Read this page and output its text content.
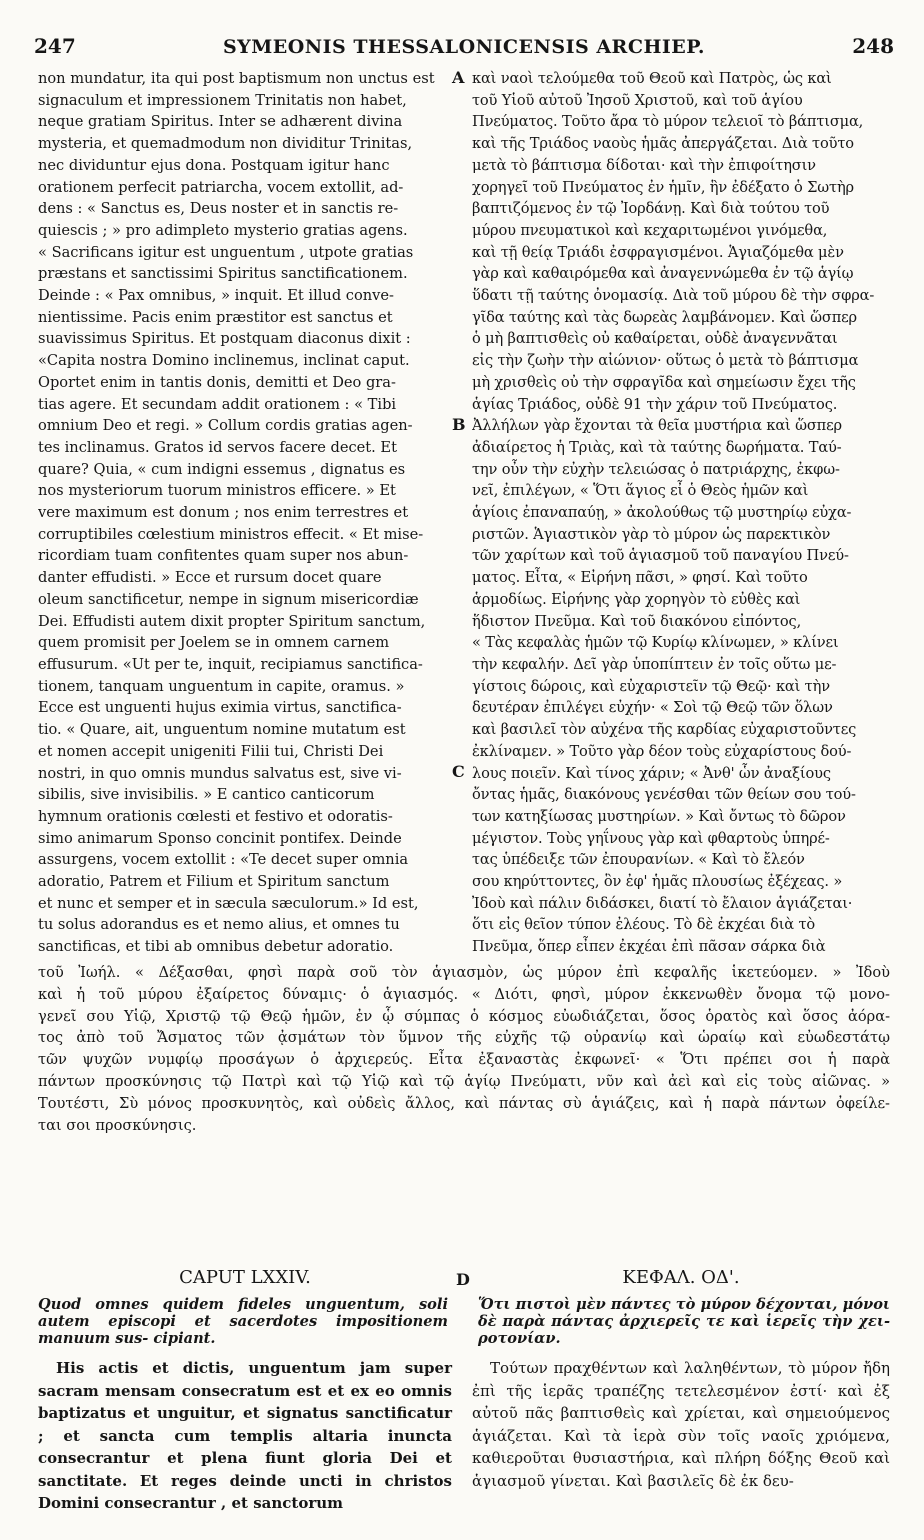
247	SYMEONIS THESSALONICENSIS ARCHIEP.	248
A
B
C
D
non mundatur, ita qui post baptismum non unctus est
signaculum et impressionem Trinitatis non habet,
neque gratiam Spiritus. Inter se adhærent divina
mysteria, et quemadmodum non dividitur Trinitas,
nec dividuntur ejus dona. Postquam igitur hanc
orationem perfecit patriarcha, vocem extollit, ad-
dens : « Sanctus es, Deus noster et in sanctis re-
quiescis ; » pro adimpleto mysterio gratias agens.
« Sacrificans igitur est unguentum , utpote gratias
præstans et sanctissimi Spiritus sanctificationem.
Deinde : « Pax omnibus, » inquit. Et illud conve-
nientissime. Pacis enim præstitor est sanctus et
suavissimus Spiritus. Et postquam diaconus dixit :
«Capita nostra Domino inclinemus, inclinat caput.
Oportet enim in tantis donis, demitti et Deo gra-
tias agere. Et secundam addit orationem : « Tibi
omnium Deo et regi. » Collum cordis gratias agen-
tes inclinamus. Gratos id servos facere decet. Et
quare? Quia, « cum indigni essemus , dignatus es
nos mysteriorum tuorum ministros efficere. » Et
vere maximum est donum ; nos enim terrestres et
corruptibiles cœlestium ministros effecit. « Et mise-
ricordiam tuam confitentes quam super nos abun-
danter effudisti. » Ecce et rursum docet quare
oleum sanctificetur, nempe in signum misericordiæ
Dei. Effudisti autem dixit propter Spiritum sanctum,
quem promisit per Joelem se in omnem carnem
effusurum. «Ut per te, inquit, recipiamus sanctifica-
tionem, tanquam unguentum in capite, oramus. »
Ecce est unguenti hujus eximia virtus, sanctifica-
tio. « Quare, ait, unguentum nomine mutatum est
et nomen accepit unigeniti Filii tui, Christi Dei
nostri, in quo omnis mundus salvatus est, sive vi-
sibilis, sive invisibilis. » E cantico canticorum
hymnum orationis cœlesti et festivo et odoratis-
simo animarum Sponso concinit pontifex. Deinde
assurgens, vocem extollit : «Te decet super omnia
adoratio, Patrem et Filium et Spiritum sanctum
et nunc et semper et in sæcula sæculorum.» Id est,
tu solus adorandus es et nemo alius, et omnes tu
sanctificas, et tibi ab omnibus debetur adoratio.
καὶ ναοὶ τελούμεθα τοῦ Θεοῦ καὶ Πατρὸς, ὡς καὶ
τοῦ Υἱοῦ αὐτοῦ Ἰησοῦ Χριστοῦ, καὶ τοῦ ἁγίου
Πνεύματος. Τοῦτο ἄρα τὸ μύρον τελειοῖ τὸ βάπτισμα,
καὶ τῆς Τριάδος ναοὺς ἡμᾶς ἀπεργάζεται. Διὰ τοῦτο
μετὰ τὸ βάπτισμα δίδοται· καὶ τὴν ἐπιφοίτησιν
χορηγεῖ τοῦ Πνεύματος ἐν ἡμῖν, ἣν ἐδέξατο ὁ Σωτὴρ
βαπτιζόμενος ἐν τῷ Ἰορδάνῃ. Καὶ διὰ τούτου τοῦ
μύρου πνευματικοὶ καὶ κεχαριτωμένοι γινόμεθα,
καὶ τῇ θείᾳ Τριάδι ἐσφραγισμένοι. Ἁγιαζόμεθα μὲν
γὰρ καὶ καθαιρόμεθα καὶ ἀναγεννώμεθα ἐν τῷ ἁγίῳ
ὕδατι τῇ ταύτης ὀνομασίᾳ. Διὰ τοῦ μύρου δὲ τὴν σφρα-
γῖδα ταύτης καὶ τὰς δωρεὰς λαμβάνομεν. Καὶ ὥσπερ
ὁ μὴ βαπτισθεὶς οὐ καθαίρεται, οὐδὲ ἀναγεννᾶται
εἰς τὴν ζωὴν τὴν αἰώνιον· οὕτως ὁ μετὰ τὸ βάπτισμα
μὴ χρισθεὶς οὐ τὴν σφραγῖδα καὶ σημείωσιν ἔχει τῆς
ἁγίας Τριάδος, οὐδὲ 91 τὴν χάριν τοῦ Πνεύματος.
Ἀλλήλων γὰρ ἔχονται τὰ θεῖα μυστήρια καὶ ὥσπερ
ἀδιαίρετος ἡ Τριὰς, καὶ τὰ ταύτης δωρήματα. Ταύ-
την οὖν τὴν εὐχὴν τελειώσας ὁ πατριάρχης, ἐκφω-
νεῖ, ἐπιλέγων, « Ὅτι ἅγιος εἶ ὁ Θεὸς ἡμῶν καὶ
ἁγίοις ἐπαναπαύῃ, » ἀκολούθως τῷ μυστηρίῳ εὐχα-
ριστῶν. Ἁγιαστικὸν γὰρ τὸ μύρον ὡς παρεκτικὸν
τῶν χαρίτων καὶ τοῦ ἁγιασμοῦ τοῦ παναγίου Πνεύ-
ματος. Εἶτα, « Εἰρήνη πᾶσι, » φησί. Καὶ τοῦτο
ἁρμοδίως. Εἰρήνης γὰρ χορηγὸν τὸ εὐθὲς καὶ
ἥδιστον Πνεῦμα. Καὶ τοῦ διακόνου εἰπόντος,
« Τὰς κεφαλὰς ἡμῶν τῷ Κυρίῳ κλίνωμεν, » κλίνει
τὴν κεφαλήν. Δεῖ γὰρ ὑποπίπτειν ἐν τοῖς οὕτω με-
γίστοις δώροις, καὶ εὐχαριστεῖν τῷ Θεῷ· καὶ τὴν
δευτέραν ἐπιλέγει εὐχήν· « Σοὶ τῷ Θεῷ τῶν ὅλων
καὶ βασιλεῖ τὸν αὐχένα τῆς καρδίας εὐχαριστοῦντες
ἐκλίναμεν. » Τοῦτο γὰρ δέον τοὺς εὐχαρίστους δού-
λους ποιεῖν. Καὶ τίνος χάριν; « Ἀνθ' ὧν ἀναξίους
ὄντας ἡμᾶς, διακόνους γενέσθαι τῶν θείων σου τού-
των κατηξίωσας μυστηρίων. » Καὶ ὄντως τὸ δῶρον
μέγιστον. Τοὺς γηΐνους γὰρ καὶ φθαρτοὺς ὑπηρέ-
τας ὑπέδειξε τῶν ἐπουρανίων. « Καὶ τὸ ἔλεόν
σου κηρύττοντες, ὃν ἐφ' ἡμᾶς πλουσίως ἐξέχεας. »
Ἰδοὺ καὶ πάλιν διδάσκει, διατί τὸ ἔλαιον ἁγιάζεται·
ὅτι εἰς θεῖον τύπον ἐλέους. Τὸ δὲ ἐκχέαι διὰ τὸ
Πνεῦμα, ὅπερ εἶπεν ἐκχέαι ἐπὶ πᾶσαν σάρκα διὰ
τοῦ Ἰωήλ. « Δέξασθαι, φησὶ παρὰ σοῦ τὸν ἁγιασμὸν, ὡς μύρον ἐπὶ κεφαλῆς ἱκετεύομεν. » Ἰδοὺ
καὶ ἡ τοῦ μύρου ἐξαίρετος δύναμις· ὁ ἁγιασμός. « Διότι, φησὶ, μύρον ἐκκενωθὲν ὄνομα τῷ μονο-
γενεῖ σου Υἱῷ, Χριστῷ τῷ Θεῷ ἡμῶν, ἐν ᾧ σύμπας ὁ κόσμος εὐωδιάζεται, ὅσος ὁρατὸς καὶ ὅσος ἀόρα-
τος ἀπὸ τοῦ Ἄσματος τῶν ᾀσμάτων τὸν ὕμνον τῆς εὐχῆς τῷ οὐρανίῳ καὶ ὡραίῳ καὶ εὐωδεστάτῳ
τῶν ψυχῶν νυμφίῳ προσάγων ὁ ἀρχιερεύς. Εἶτα ἐξαναστὰς ἐκφωνεῖ· « Ὅτι πρέπει σοι ἡ παρὰ
πάντων προσκύνησις τῷ Πατρὶ καὶ τῷ Υἱῷ καὶ τῷ ἁγίῳ Πνεύματι, νῦν καὶ ἀεὶ καὶ εἰς τοὺς αἰῶνας. »
Τουτέστι, Σὺ μόνος προσκυνητὸς, καὶ οὐδεὶς ἄλλος, καὶ πάντας σὺ ἁγιάζεις, καὶ ἡ παρὰ πάντων ὀφείλε-
ται σοι προσκύνησις.
CAPUT LXXIV.	ΚΕΦΑΛ. ΟΔ'.
Quod omnes quidem fideles unguentum, soli autem episcopi et sacerdotes impositionem manuum sus- cipiant.
Ὅτι πιστοὶ μὲν πάντες τὸ μύρον δέχονται, μόνοι δὲ παρὰ πάντας ἀρχιερεῖς τε καὶ ἱερεῖς τὴν χει- ροτονίαν.
His actis et dictis, unguentum jam super sacram mensam consecratum est et ex eo omnis baptizatus et unguitur, et signatus sanctificatur ; et sancta cum templis altaria inuncta consecrantur et plena fiunt gloria Dei et sanctitate. Et reges deinde uncti in christos Domini consecrantur , et sanctorum
Τούτων πραχθέντων καὶ λαληθέντων, τὸ μύρον ἤδη ἐπὶ τῆς ἱερᾶς τραπέζης τετελεσμένον ἐστί· καὶ ἐξ αὐτοῦ πᾶς βαπτισθεὶς καὶ χρίεται, καὶ σημειούμενος ἁγιάζεται. Καὶ τὰ ἱερὰ σὺν τοῖς ναοῖς χριόμενα, καθιεροῦται θυσιαστήρια, καὶ πλήρη δόξης Θεοῦ καὶ ἁγιασμοῦ γίνεται. Καὶ βασιλεῖς δὲ ἐκ δευ-
